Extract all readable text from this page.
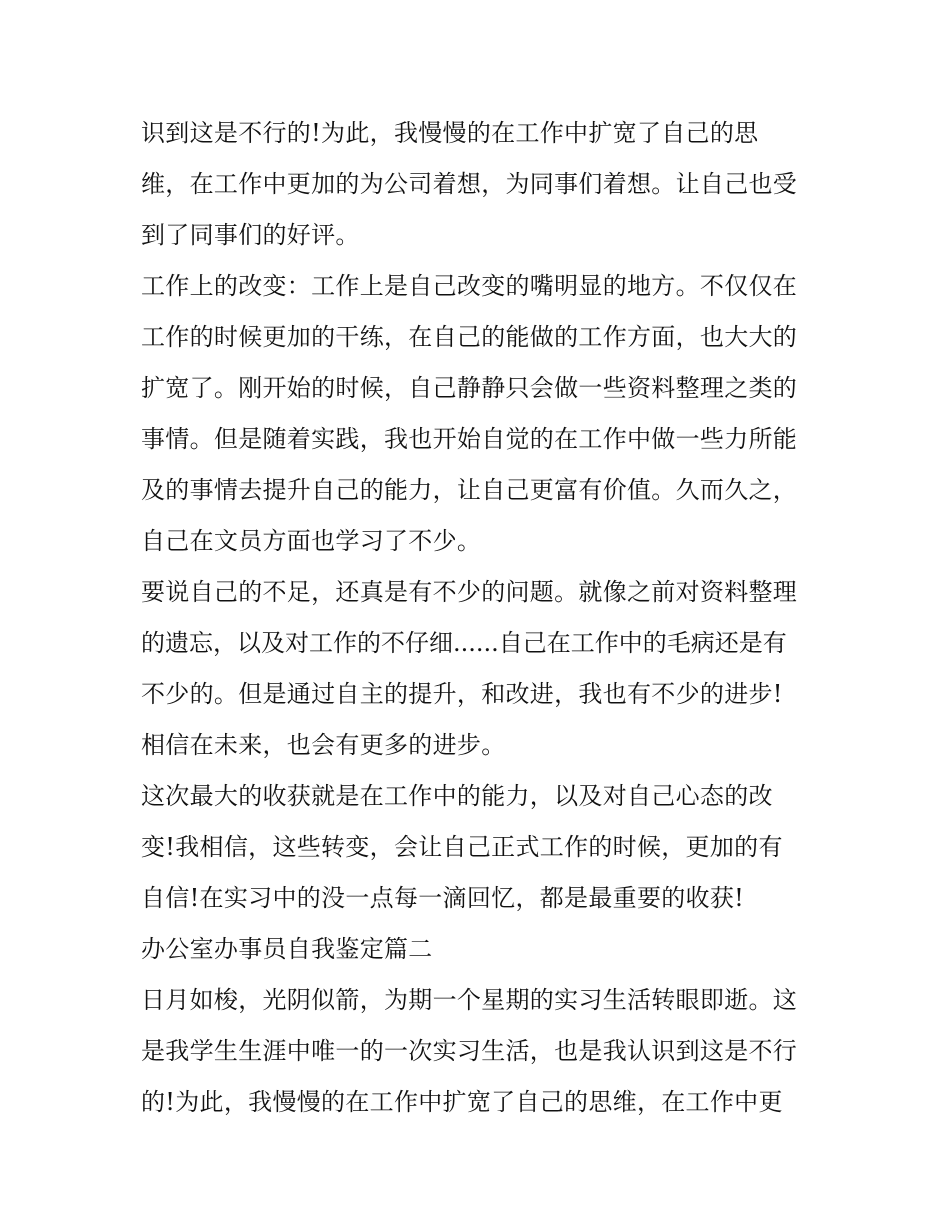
识到这是不行的!为此，我慢慢的在工作中扩宽了自己的思
维，在工作中更加的为公司着想，为同事们着想。让自己也受
到了同事们的好评。
工作上的改变：工作上是自己改变的嘴明显的地方。不仅仅在
工作的时候更加的干练，在自己的能做的工作方面，也大大的
扩宽了。刚开始的时候，自己静静只会做一些资料整理之类的
事情。但是随着实践，我也开始自觉的在工作中做一些力所能
及的事情去提升自己的能力，让自己更富有价值。久而久之，
自己在文员方面也学习了不少。
要说自己的不足，还真是有不少的问题。就像之前对资料整理
的遗忘，以及对工作的不仔细......自己在工作中的毛病还是有
不少的。但是通过自主的提升，和改进，我也有不少的进步!
相信在未来，也会有更多的进步。
这次最大的收获就是在工作中的能力，以及对自己心态的改
变!我相信，这些转变，会让自己正式工作的时候，更加的有
自信!在实习中的没一点每一滴回忆，都是最重要的收获!
办公室办事员自我鉴定篇二
日月如梭，光阴似箭，为期一个星期的实习生活转眼即逝。这
是我学生生涯中唯一的一次实习生活，也是我认识到这是不行
的!为此，我慢慢的在工作中扩宽了自己的思维，在工作中更
